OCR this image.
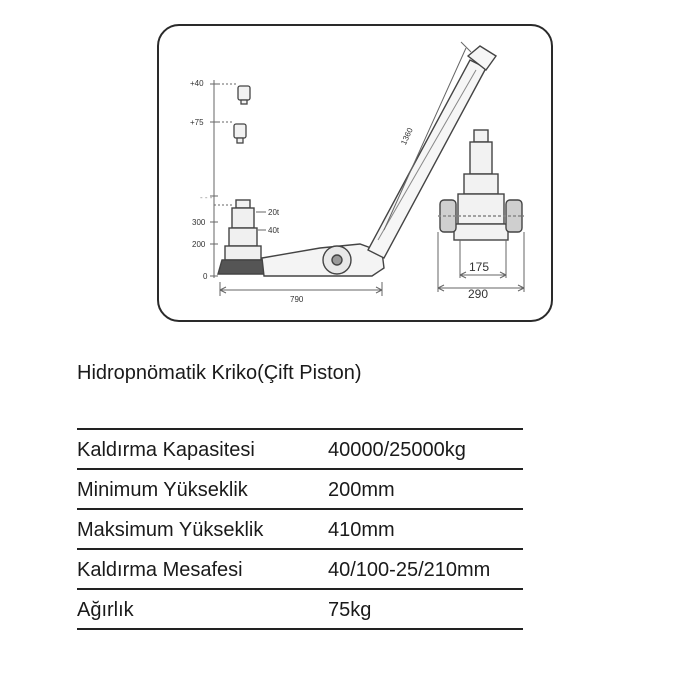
+40
+75
- - -
300
200
0
20t
40t
1360
790
175
290
Hidropnömatik Kriko(Çift Piston)
Kaldırma Kapasitesi	40000/25000kg
Minimum Yükseklik	200mm
Maksimum Yükseklik	410mm
Kaldırma Mesafesi	40/100-25/210mm
Ağırlık	75kg
